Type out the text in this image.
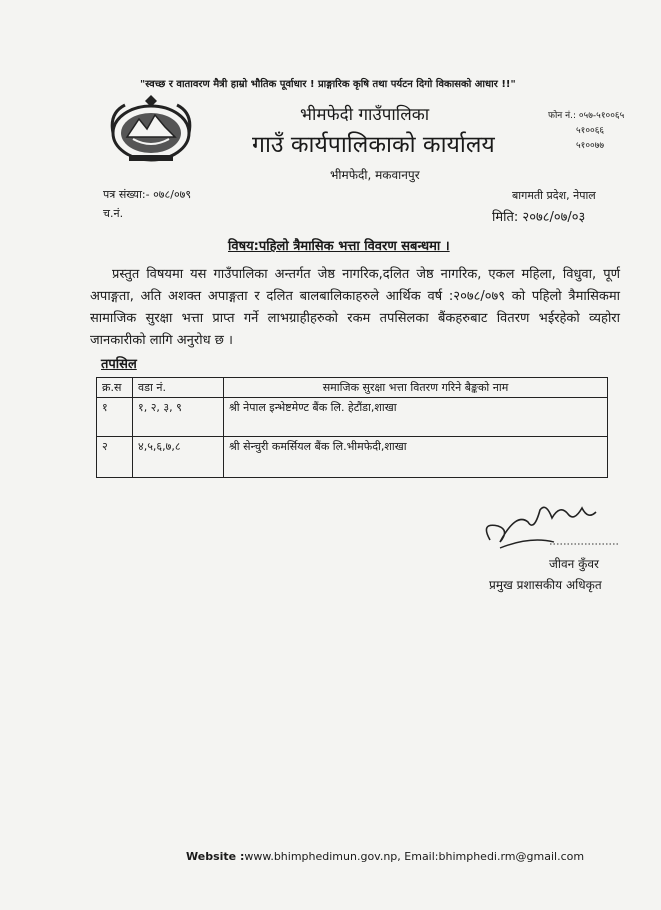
"स्वच्छ र वातावरण मैत्री हाम्रो भौतिक पूर्वाधार ! प्राङ्गारिक कृषि तथा पर्यटन दिगो विकासको आधार !!"
भीमफेदी गाउँपालिका
गाउँ कार्यपालिकाको कार्यालय
भीमफेदी, मकवानपुर
फोन नं.: ०५७-५१००६५
५१००६६
५१००७७
पत्र संख्या:- ०७८/०७९
च.नं.
बागमती प्रदेश, नेपाल
मिति: २०७८/०७/०३
विषय:पहिलो त्रैमासिक भत्ता विवरण सबन्धमा ।
प्रस्तुत विषयमा यस गाउँपालिका अन्तर्गत जेष्ठ नागरिक,दलित जेष्ठ नागरिक, एकल महिला, विधुवा, पूर्ण अपाङ्गता, अति अशक्त अपाङ्गता र दलित बालबालिकाहरुले आर्थिक वर्ष :२०७८/०७९ को पहिलो त्रैमासिकमा सामाजिक सुरक्षा भत्ता प्राप्त गर्ने लाभग्राहीहरुको रकम तपसिलका बैंकहरुबाट वितरण भईरहेको व्यहोरा जानकारीको लागि अनुरोध छ ।
तपसिल
क्र.स	वडा नं.	समाजिक सुरक्षा भत्ता वितरण गरिने बैङ्कको नाम
१	१, २, ३, ९	श्री नेपाल इन्भेष्टमेण्ट बैंक लि. हेटौंडा,शाखा
२	४,५,६,७,८	श्री सेन्चुरी कमर्सियल बैंक लि.भीमफेदी,शाखा
जीवन कुँवर
प्रमुख प्रशासकीय अधिकृत
Website :www.bhimphedimun.gov.np, Email:bhimphedi.rm@gmail.com
